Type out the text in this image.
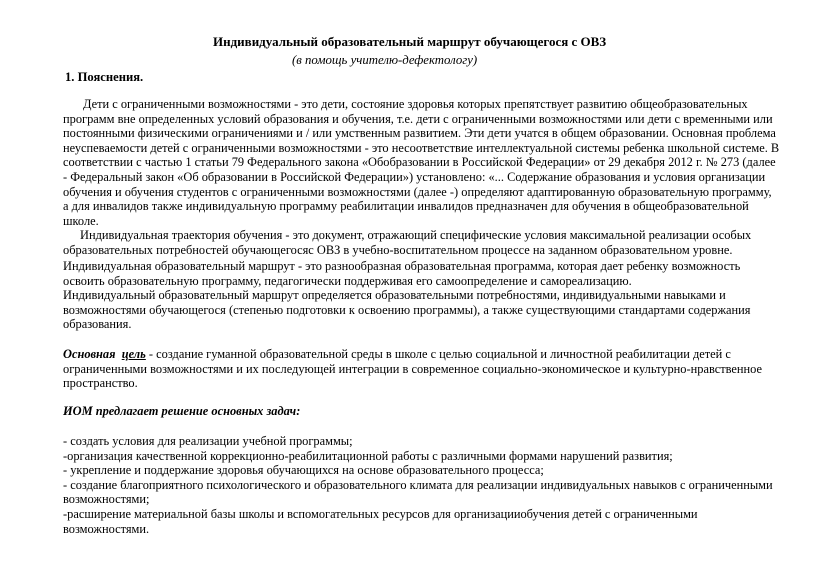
Индивидуальный образовательный маршрут обучающегося с ОВЗ
(в помощь учителю-дефектологу)
1. Пояснения.
Дети с ограниченными возможностями - это дети, состояние здоровья которых препятствует развитию общеобразовательных
программ вне определенных условий образования и обучения, т.е. дети с ограниченными возможностями или дети с временными или
постоянными физическими ограничениями и / или умственным развитием. Эти дети учатся в общем образовании. Основная проблема
неуспеваемости детей с ограниченными возможностями - это несоответствие интеллектуальной системы ребенка школьной системе. В
соответствии с частью 1 статьи 79 Федерального закона «Обобразовании в Российской Федерации» от 29 декабря 2012 г. № 273 (далее
- Федеральный закон «Об образовании в Российской Федерации») установлено: «... Содержание образования и условия организации
обучения и обучения студентов с ограниченными возможностями (далее -) определяют адаптированную образовательную программу,
а для инвалидов также индивидуальную программу реабилитации инвалидов предназначен для обучения в общеобразовательной
школе.
Индивидуальная траектория обучения - это документ, отражающий специфические условия максимальной реализации особых
образовательных потребностей обучающегосяс ОВЗ в учебно-воспитательном процессе на заданном образовательном уровне.
Индивидуальная образовательный маршрут - это разнообразная образовательная программа, которая дает ребенку возможность
освоить образовательную программу, педагогически поддерживая его самоопределение и самореализацию.
Индивидуальный образовательный маршрут определяется образовательными потребностями, индивидуальными навыками и
возможностями обучающегося (степенью подготовки к освоению программы), а также существующими стандартами содержания
образования.
Основная цель - создание гуманной образовательной среды в школе с целью социальной и личностной реабилитации детей с
ограниченными возможностями и их последующей интеграции в современное социально-экономическое и культурно-нравственное
пространство.
ИОМ предлагает решение основных задач:
- создать условия для реализации учебной программы;
-организация качественной коррекционно-реабилитационной работы с различными формами нарушений развития;
- укрепление и поддержание здоровья обучающихся на основе образовательного процесса;
- создание благоприятного психологического и образовательного климата для реализации индивидуальных навыков с ограниченными
возможностями;
-расширение материальной базы школы и вспомогательных ресурсов для организацииобучения детей с ограниченными
возможностями.
